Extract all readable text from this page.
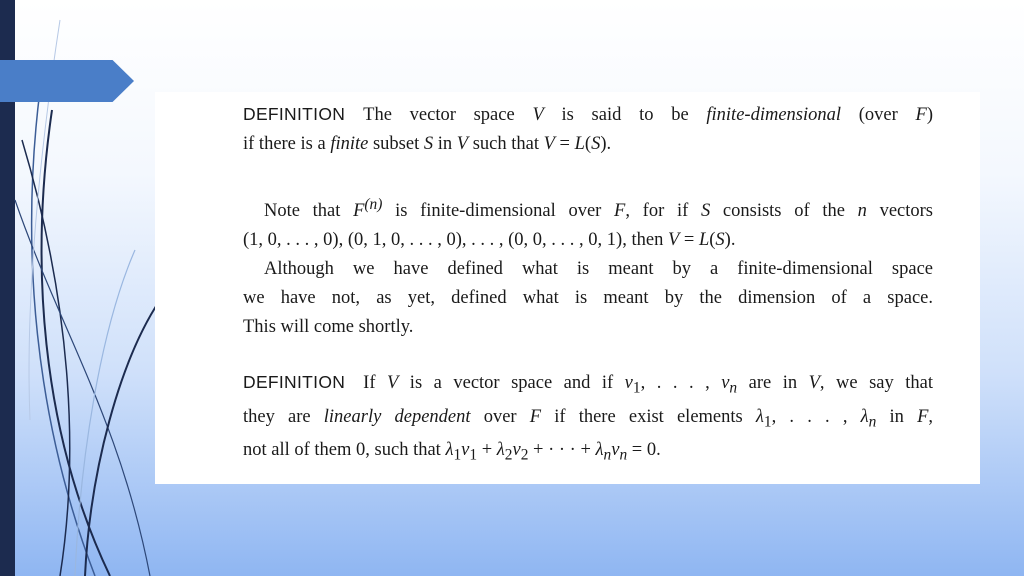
DEFINITION The vector space V is said to be finite-dimensional (over F)
if there is a finite subset S in V such that V = L(S).
Note that $F^{(n)}$ is finite-dimensional over F, for if S consists of the n vectors
(1, 0, . . . , 0), (0, 1, 0, . . . , 0), . . . , (0, 0, . . . , 0, 1), then V = L(S).
Although we have defined what is meant by a finite-dimensional space
we have not, as yet, defined what is meant by the dimension of a space.
This will come shortly.
DEFINITION If V is a vector space and if $v_1$, . . . , $v_n$ are in V, we say that
they are linearly dependent over F if there exist elements $\lambda_1$, . . . , $\lambda_n$ in F,
not all of them 0, such that $\lambda_1v_1 + \lambda_2v_2$ + · · · + $\lambda_nv_n = 0$.
